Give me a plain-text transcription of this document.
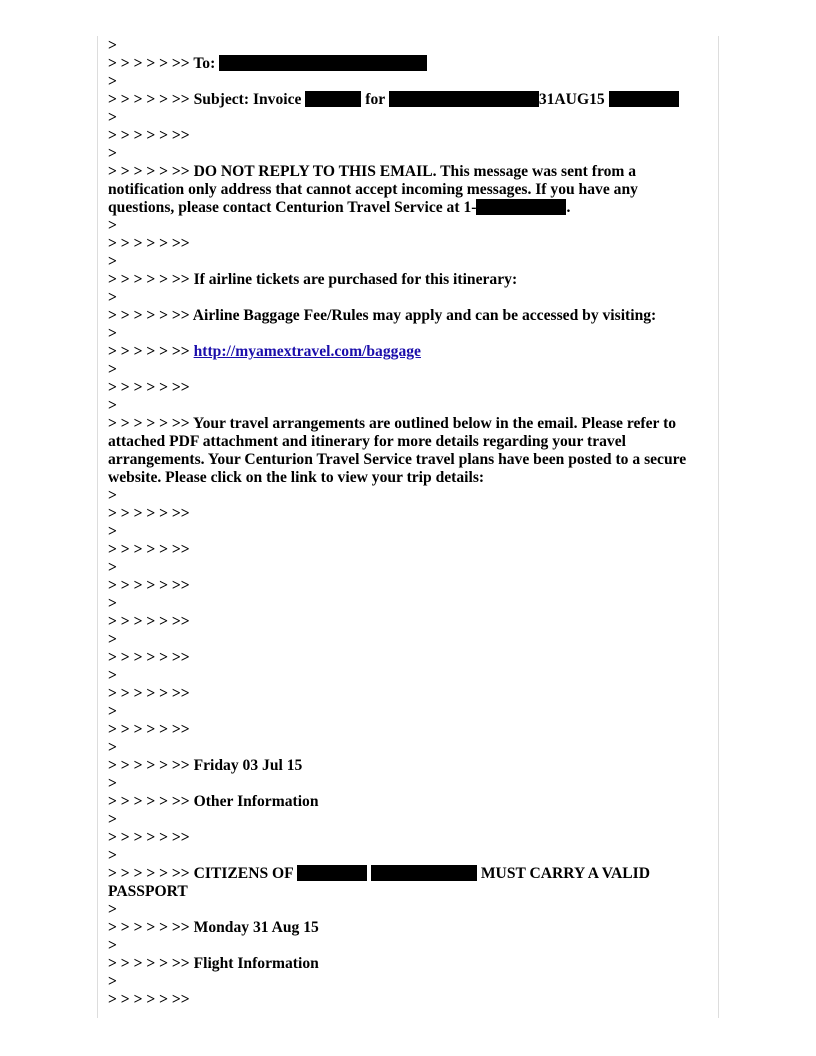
>
> > > > > >> To:
>
> > > > > >> Subject: Invoice	for	31AUG15
>
> > > > > >>
>
> > > > > >> DO NOT REPLY TO THIS EMAIL. This message was sent from a notification only address that cannot accept incoming messages. If you have any questions, please contact Centurion Travel Service at 1-	.
>
> > > > > >>
>
> > > > > >> If airline tickets are purchased for this itinerary:
>
> > > > > >> Airline Baggage Fee/Rules may apply and can be accessed by visiting:
>
> > > > > >> http://myamextravel.com/baggage
>
> > > > > >>
>
> > > > > >> Your travel arrangements are outlined below in the email. Please refer to attached PDF attachment and itinerary for more details regarding your travel arrangements. Your Centurion Travel Service travel plans have been posted to a secure website. Please click on the link to view your trip details:
>
> > > > > >>
>
> > > > > >>
>
> > > > > >>
>
> > > > > >>
>
> > > > > >>
>
> > > > > >>
>
> > > > > >>
>
> > > > > >> Friday 03 Jul 15
>
> > > > > >> Other Information
>
> > > > > >>
>
> > > > > >> CITIZENS OF	MUST CARRY A VALID PASSPORT
>
> > > > > >> Monday 31 Aug 15
>
> > > > > >> Flight Information
>
> > > > > >>
